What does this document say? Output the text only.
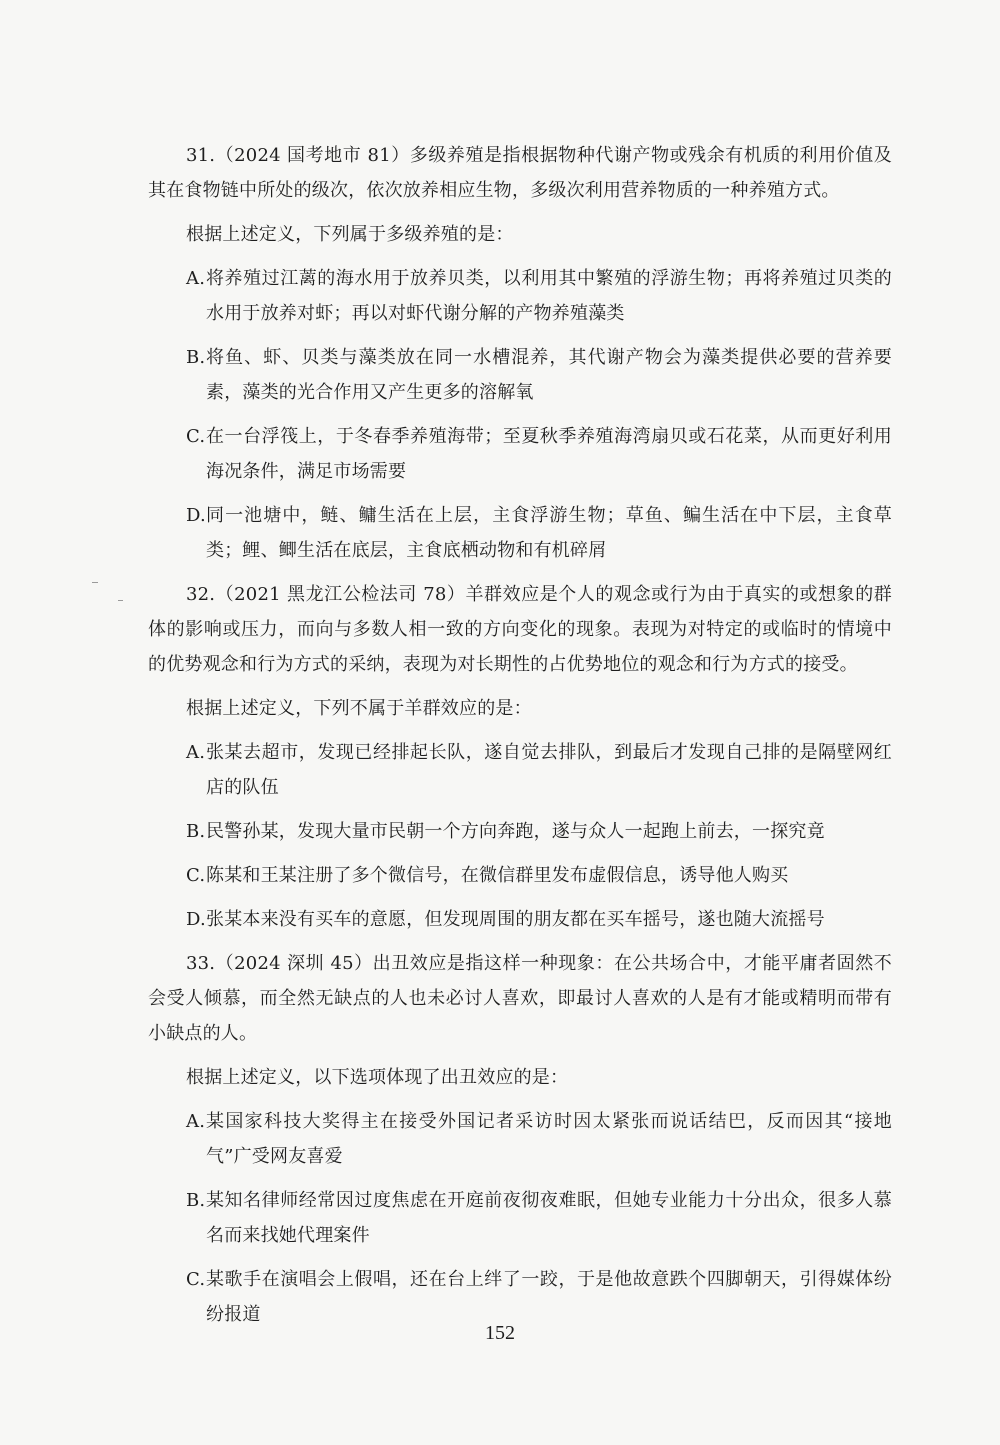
31.（2024 国考地市 81）多级养殖是指根据物种代谢产物或残余有机质的利用价值及其在食物链中所处的级次，依次放养相应生物，多级次利用营养物质的一种养殖方式。

根据上述定义，下列属于多级养殖的是：

A. 将养殖过江蓠的海水用于放养贝类，以利用其中繁殖的浮游生物；再将养殖过贝类的水用于放养对虾；再以对虾代谢分解的产物养殖藻类
B. 将鱼、虾、贝类与藻类放在同一水槽混养，其代谢产物会为藻类提供必要的营养要素，藻类的光合作用又产生更多的溶解氧
C. 在一台浮筏上，于冬春季养殖海带；至夏秋季养殖海湾扇贝或石花菜，从而更好利用海况条件，满足市场需要
D. 同一池塘中，鲢、鳙生活在上层，主食浮游生物；草鱼、鳊生活在中下层，主食草类；鲤、鲫生活在底层，主食底栖动物和有机碎屑

32.（2021 黑龙江公检法司 78）羊群效应是个人的观念或行为由于真实的或想象的群体的影响或压力，而向与多数人相一致的方向变化的现象。表现为对特定的或临时的情境中的优势观念和行为方式的采纳，表现为对长期性的占优势地位的观念和行为方式的接受。

根据上述定义，下列不属于羊群效应的是：

A. 张某去超市，发现已经排起长队，遂自觉去排队，到最后才发现自己排的是隔壁网红店的队伍
B. 民警孙某，发现大量市民朝一个方向奔跑，遂与众人一起跑上前去，一探究竟
C. 陈某和王某注册了多个微信号，在微信群里发布虚假信息，诱导他人购买
D. 张某本来没有买车的意愿，但发现周围的朋友都在买车摇号，遂也随大流摇号

33.（2024 深圳 45）出丑效应是指这样一种现象：在公共场合中，才能平庸者固然不会受人倾慕，而全然无缺点的人也未必讨人喜欢，即最讨人喜欢的人是有才能或精明而带有小缺点的人。

根据上述定义，以下选项体现了出丑效应的是：

A. 某国家科技大奖得主在接受外国记者采访时因太紧张而说话结巴，反而因其“接地气”广受网友喜爱
B. 某知名律师经常因过度焦虑在开庭前夜彻夜难眠，但她专业能力十分出众，很多人慕名而来找她代理案件
C. 某歌手在演唱会上假唱，还在台上绊了一跤，于是他故意跌个四脚朝天，引得媒体纷纷报道
152
